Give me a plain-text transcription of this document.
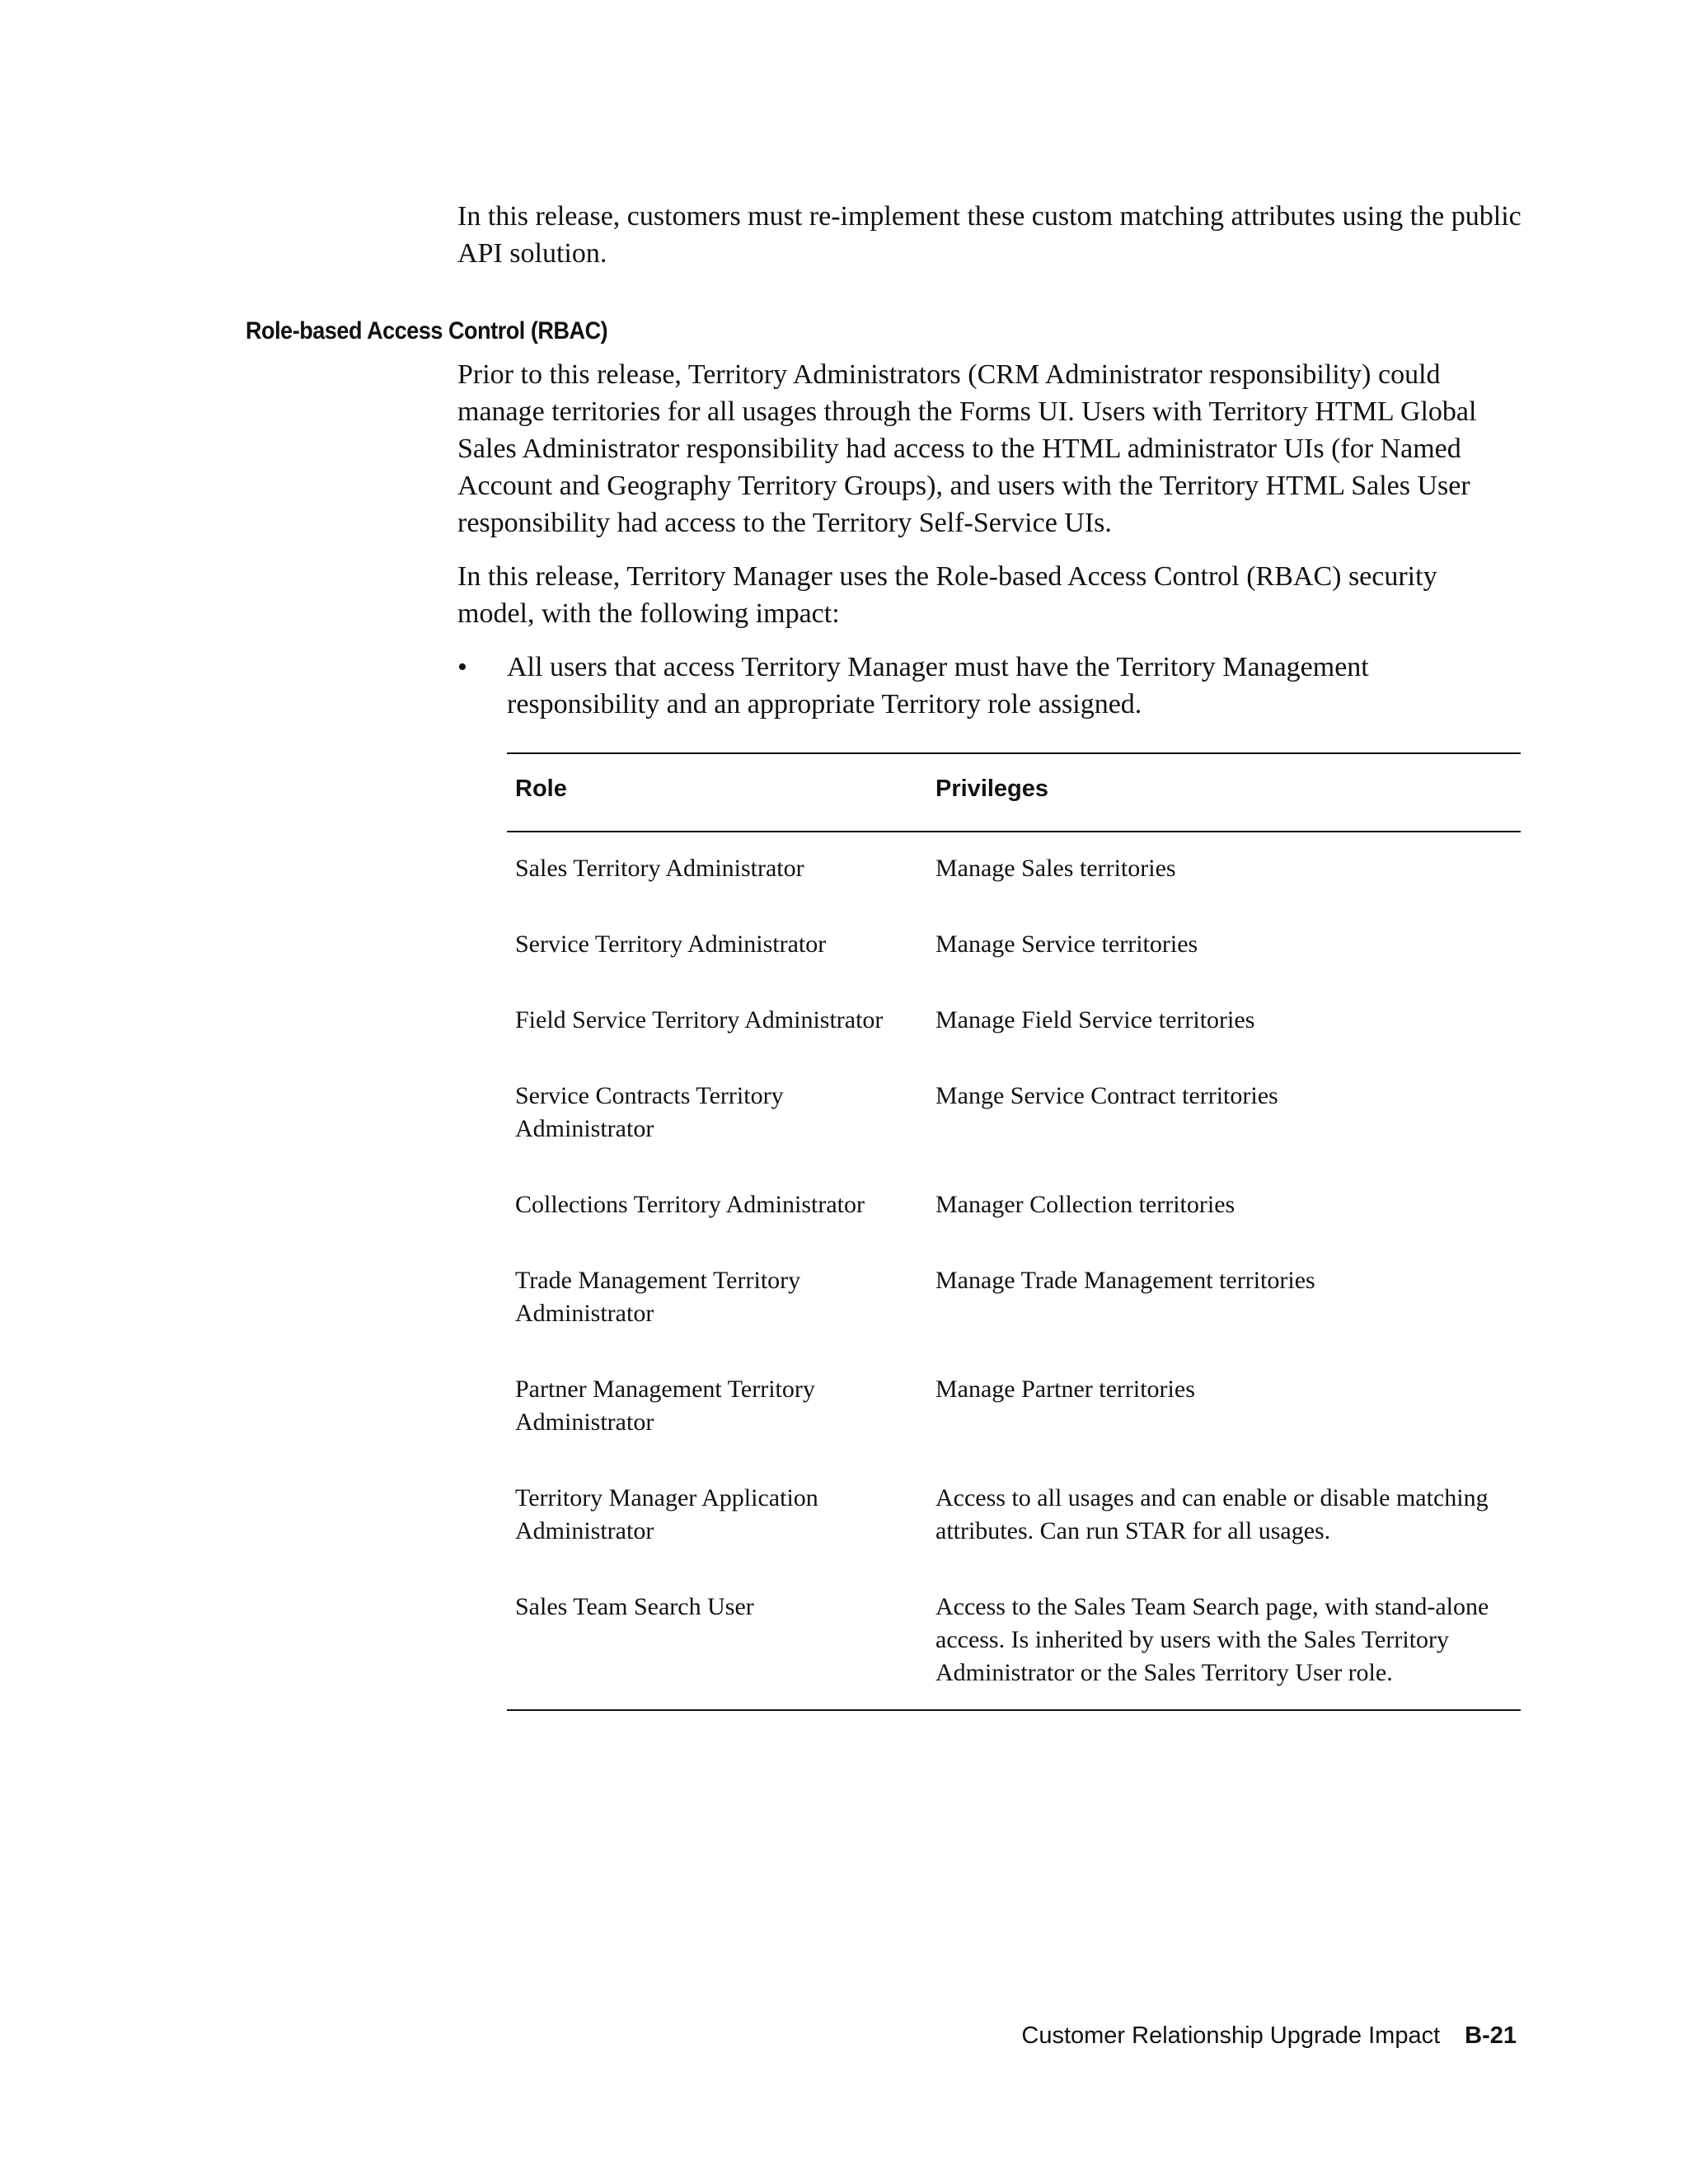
In this release, customers must re-implement these custom matching attributes using the public API solution.

Role-based Access Control (RBAC)

Prior to this release, Territory Administrators (CRM Administrator responsibility) could manage territories for all usages through the Forms UI. Users with Territory HTML Global Sales Administrator responsibility had access to the HTML administrator UIs (for Named Account and Geography Territory Groups), and users with the Territory HTML Sales User responsibility had access to the Territory Self-Service UIs.

In this release, Territory Manager uses the Role-based Access Control (RBAC) security model, with the following impact:

• All users that access Territory Manager must have the Territory Management responsibility and an appropriate Territory role assigned.
Role	Privileges
Sales Territory Administrator	Manage Sales territories
Service Territory Administrator	Manage Service territories
Field Service Territory Administrator	Manage Field Service territories
Service Contracts Territory Administrator	Mange Service Contract territories
Collections Territory Administrator	Manager Collection territories
Trade Management Territory Administrator	Manage Trade Management territories
Partner Management Territory Administrator	Manage Partner territories
Territory Manager Application Administrator	Access to all usages and can enable or disable matching attributes. Can run STAR for all usages.
Sales Team Search User	Access to the Sales Team Search page, with stand-alone access. Is inherited by users with the Sales Territory Administrator or the Sales Territory User role.
Customer Relationship Upgrade Impact B-21
